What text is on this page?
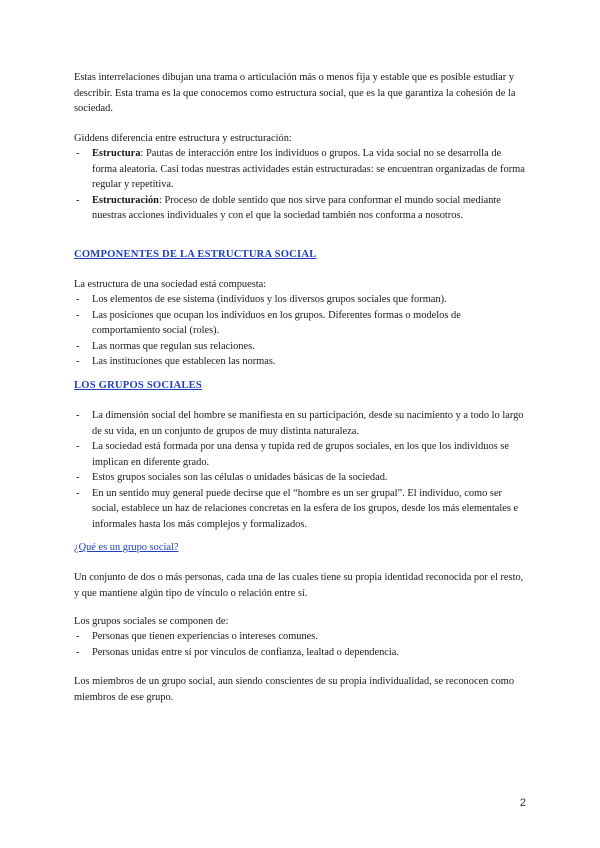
Estas interrelaciones dibujan una trama o articulación más o menos fija y estable que es posible estudiar y describir. Esta trama es la que conocemos como estructura social, que es la que garantiza la cohesión de la sociedad.

Giddens diferencia entre estructura y estructuración:

- Estructura: Pautas de interacción entre los individuos o grupos. La vida social no se desarrolla de forma aleatoria. Casi todas nuestras actividades están estructuradas: se encuentran organizadas de forma regular y repetitiva.
- Estructuración: Proceso de doble sentido que nos sirve para conformar el mundo social mediante nuestras acciones individuales y con el que la sociedad también nos conforma a nosotros.
COMPONENTES DE LA ESTRUCTURA SOCIAL

La estructura de una sociedad está compuesta:

- Los elementos de ese sistema (individuos y los diversos grupos sociales que forman).
- Las posiciones que ocupan los individuos en los grupos. Diferentes formas o modelos de comportamiento social (roles).
- Las normas que regulan sus relaciones.
- Las instituciones que establecen las normas.
LOS GRUPOS SOCIALES
- La dimensión social del hombre se manifiesta en su participación, desde su nacimiento y a todo lo largo de su vida, en un conjunto de grupos de muy distinta naturaleza.
- La sociedad está formada por una densa y tupida red de grupos sociales, en los que los individuos se implican en diferente grado.
- Estos grupos sociales son las células o unidades básicas de la sociedad.
- En un sentido muy general puede decirse que el “hombre es un ser grupal”. El individuo, como ser social, establece un haz de relaciones concretas en la esfera de los grupos, desde los más elementales e informales hasta los más complejos y formalizados.
¿Qué es un grupo social?

Un conjunto de dos o más personas, cada una de las cuales tiene su propia identidad reconocida por el resto, y que mantiene algún tipo de vínculo o relación entre sí.

Los grupos sociales se componen de:

- Personas que tienen experiencias o intereses comunes.
- Personas unidas entre sí por vínculos de confianza, lealtad o dependencia.

Los miembros de un grupo social, aun siendo conscientes de su propia individualidad, se reconocen como miembros de ese grupo.

2
